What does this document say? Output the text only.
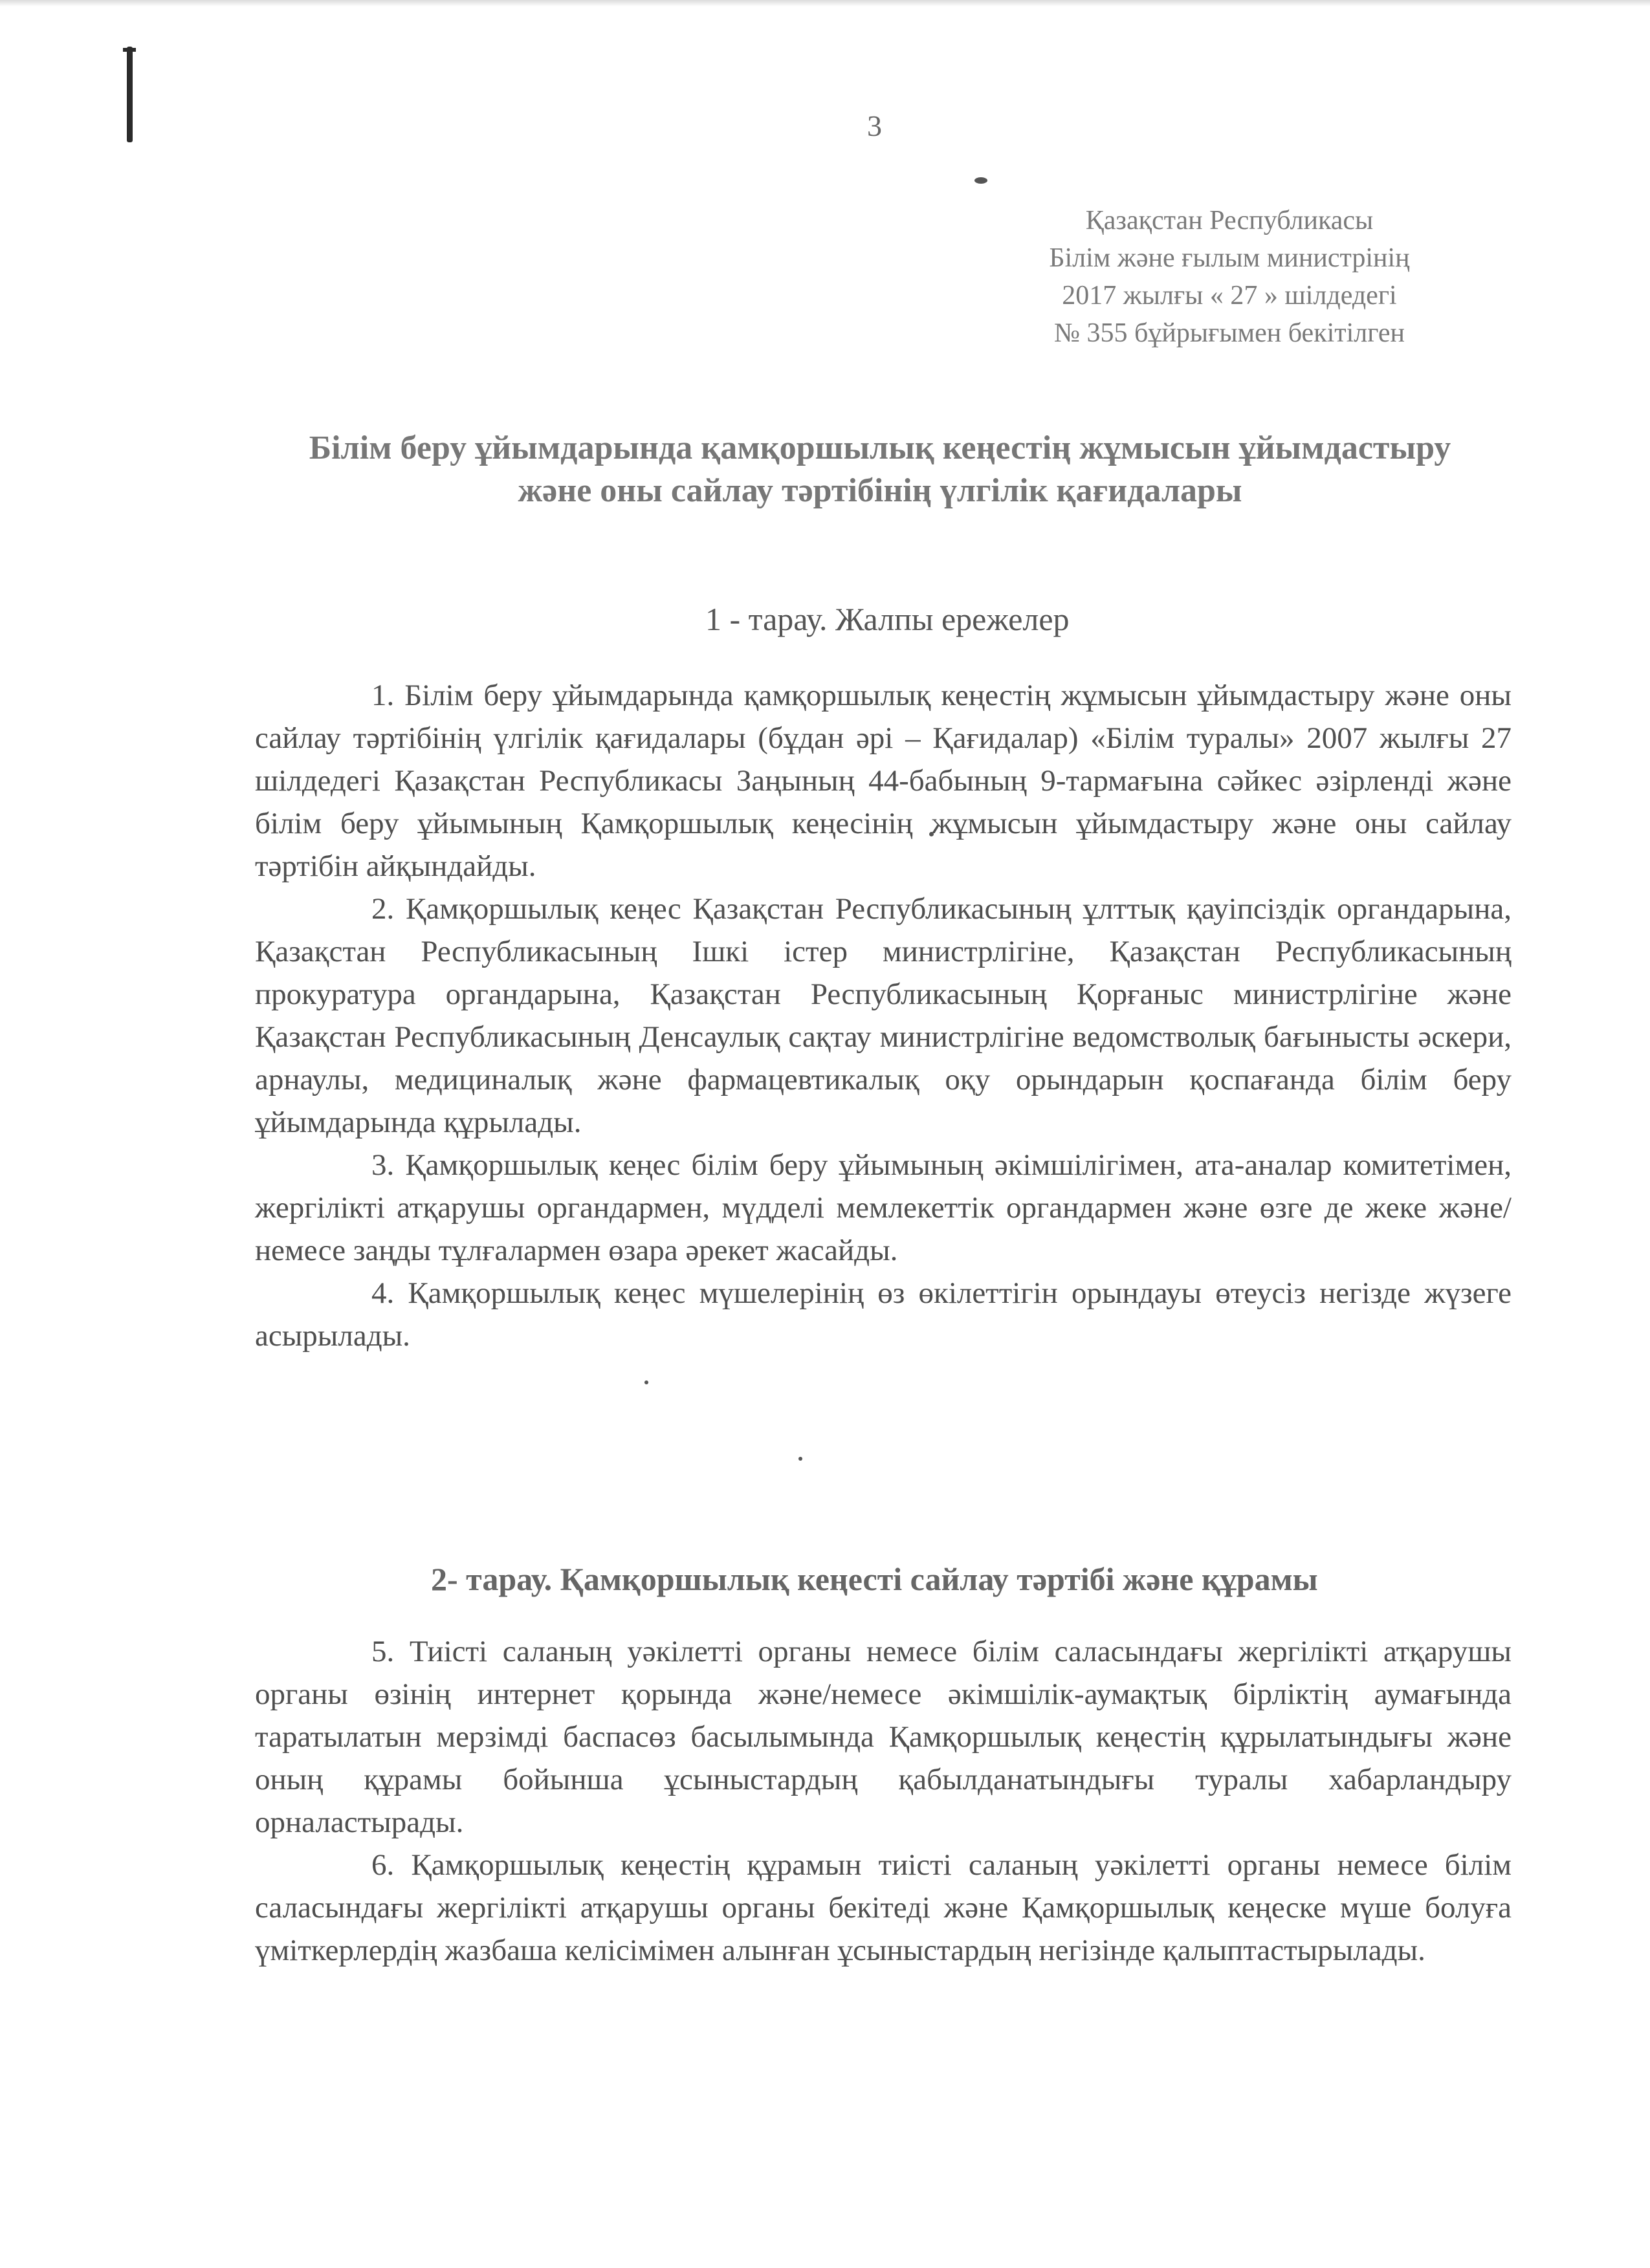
3
Қазақстан Республикасы
Білім және ғылым министрінің
2017 жылғы « 27 » шілдедегі
№ 355 бұйрығымен бекітілген
Білім беру ұйымдарында қамқоршылық кеңестің жұмысын ұйымдастыру
және оны сайлау тәртібінің үлгілік қағидалары
1 - тарау. Жалпы ережелер

1. Білім беру ұйымдарында қамқоршылық кеңестің жұмысын ұйымдастыру және оны сайлау тәртібінің үлгілік қағидалары (бұдан әрі – Қағидалар) «Білім туралы» 2007 жылғы 27 шілдедегі Қазақстан Республикасы Заңының 44-бабының 9-тармағына сәйкес әзірленді және білім беру ұйымының Қамқоршылық кеңесінің жұмысын ұйымдастыру және оны сайлау тәртібін айқындайды.

2. Қамқоршылық кеңес Қазақстан Республикасының ұлттық қауіпсіздік органдарына, Қазақстан Республикасының Ішкі істер министрлігіне, Қазақстан Республикасының прокуратура органдарына, Қазақстан Республикасының Қорғаныс министрлігіне және Қазақстан Республикасының Денсаулық сақтау министрлігіне ведомстволық бағынысты әскери, арнаулы, медициналық және фармацевтикалық оқу орындарын қоспағанда білім беру ұйымдарында құрылады.

3. Қамқоршылық кеңес білім беру ұйымының әкімшілігімен, ата-аналар комитетімен, жергілікті атқарушы органдармен, мүдделі мемлекеттік органдармен және өзге де жеке және/немесе заңды тұлғалармен өзара әрекет жасайды.

4. Қамқоршылық кеңес мүшелерінің өз өкілеттігін орындауы өтеусіз негізде жүзеге асырылады.

2- тарау. Қамқоршылық кеңесті сайлау тәртібі және құрамы

5. Тиісті саланың уәкілетті органы немесе білім саласындағы жергілікті атқарушы органы өзінің интернет қорында және/немесе әкімшілік-аумақтық бірліктің аумағында таратылатын мерзімді баспасөз басылымында Қамқоршылық кеңестің құрылатындығы және оның құрамы бойынша ұсыныстардың қабылданатындығы туралы хабарландыру орналастырады.

6. Қамқоршылық кеңестің құрамын тиісті саланың уәкілетті органы немесе білім саласындағы жергілікті атқарушы органы бекітеді және Қамқоршылық кеңеске мүше болуға үміткерлердің жазбаша келісімімен алынған ұсыныстардың негізінде қалыптастырылады.
